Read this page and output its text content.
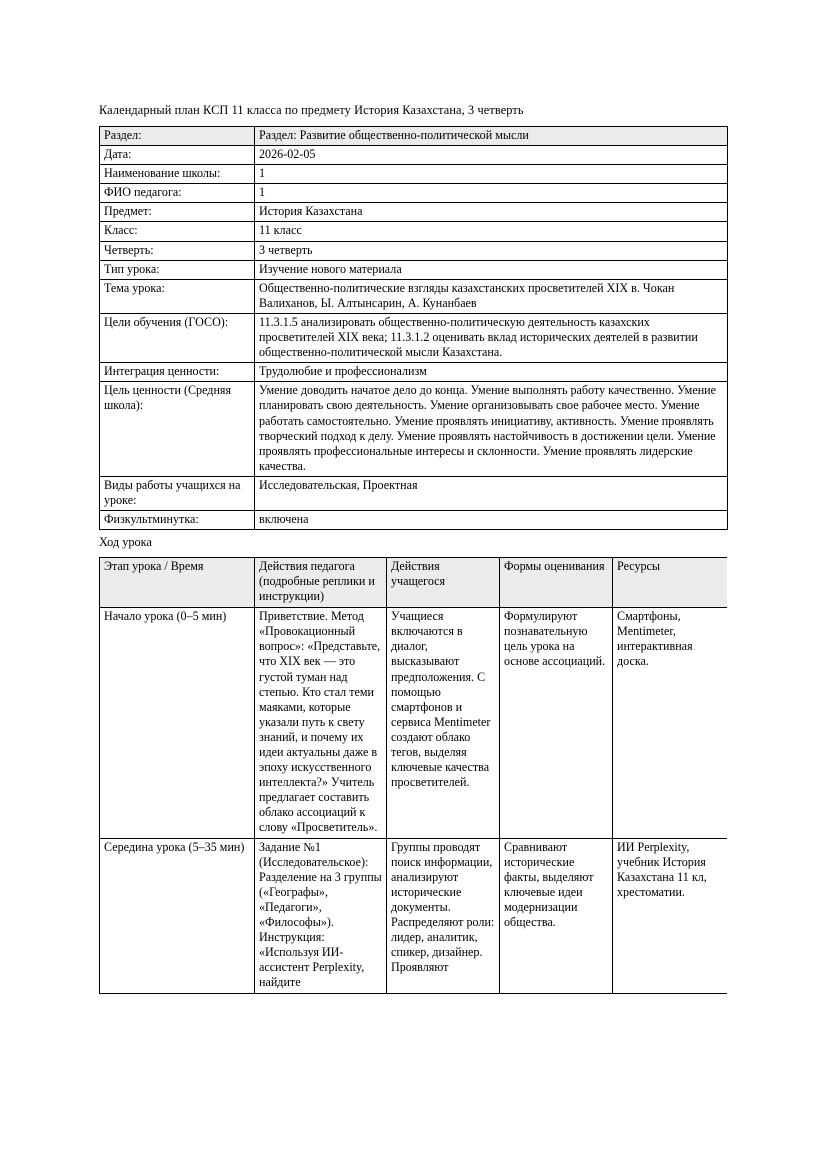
Календарный план КСП 11 класса по предмету История Казахстана, 3 четверть
Раздел:	Раздел: Развитие общественно-политической мысли
Дата:	2026-02-05
Наименование школы:	1
ФИО педагога:	1
Предмет:	История Казахстана
Класс:	11 класс
Четверть:	3 четверть
Тип урока:	Изучение нового материала
Тема урока:	Общественно-политические взгляды казахстанских просветителей XIX в. Чокан Валиханов, Ы. Алтынсарин, А. Кунанбаев
Цели обучения (ГОСО):	11.3.1.5 анализировать общественно-политическую деятельность казахских просветителей XIX века; 11.3.1.2 оценивать вклад исторических деятелей в развитии общественно-политической мысли Казахстана.
Интеграция ценности:	Трудолюбие и профессионализм
Цель ценности (Средняя школа):	Умение доводить начатое дело до конца. Умение выполнять работу качественно. Умение планировать свою деятельность. Умение организовывать свое рабочее место. Умение работать самостоятельно. Умение проявлять инициативу, активность. Умение проявлять творческий подход к делу. Умение проявлять настойчивость в достижении цели. Умение проявлять профессиональные интересы и склонности. Умение проявлять лидерские качества.
Виды работы учащихся на уроке:	Исследовательская, Проектная
Физкультминутка:	включена
Ход урока
Этап урока / Время	Действия педагога (подробные реплики и инструкции)	Действия учащегося	Формы оценивания	Ресурсы
Начало урока (0–5 мин)	Приветствие. Метод «Провокационный вопрос»: «Представьте, что XIX век — это густой туман над степью. Кто стал теми маяками, которые указали путь к свету знаний, и почему их идеи актуальны даже в эпоху искусственного интеллекта?» Учитель предлагает составить облако ассоциаций к слову «Просветитель».	Учащиеся включаются в диалог, высказывают предположения. С помощью смартфонов и сервиса Mentimeter создают облако тегов, выделяя ключевые качества просветителей.	Формулируют познавательную цель урока на основе ассоциаций.	Смартфоны, Mentimeter, интерактивная доска.
Середина урока (5–35 мин)	Задание №1 (Исследовательское): Разделение на 3 группы («Географы», «Педагоги», «Философы»). Инструкция: «Используя ИИ-ассистент Perplexity, найдите	Группы проводят поиск информации, анализируют исторические документы. Распределяют роли: лидер, аналитик, спикер, дизайнер. Проявляют	Сравнивают исторические факты, выделяют ключевые идеи модернизации общества.	ИИ Perplexity, учебник История Казахстана 11 кл, хрестоматии.
